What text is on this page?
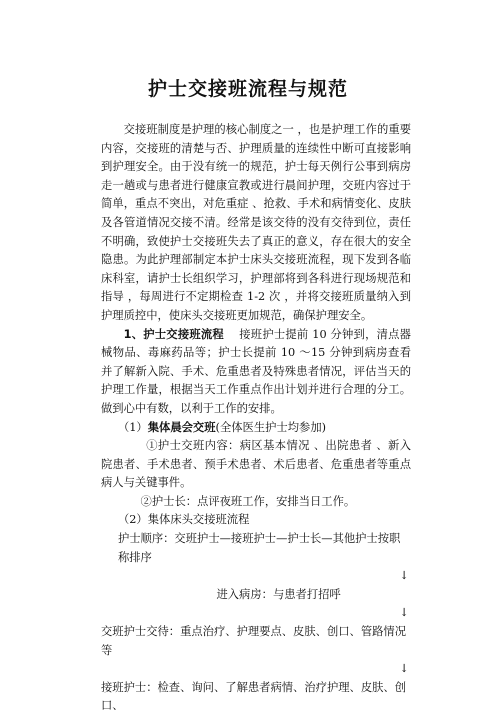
护士交接班流程与规范

交接班制度是护理的核心制度之一 ，也是护理工作的重要内容，交接班的清楚与否、护理质量的连续性中断可直接影响到护理安全。由于没有统一的规范，护士每天例行公事到病房走一趟或与患者进行健康宣教或进行晨间护理，交班内容过于简单，重点不突出，对危重症 、抢救、手术和病情变化、皮肤及各管道情况交接不清。经常是该交待的没有交待到位，责任不明确，致使护士交接班失去了真正的意义，存在很大的安全隐患。为此护理部制定本护士床头交接班流程，现下发到各临床科室，请护士长组织学习，护理部将到各科进行现场规范和指导 ，每周进行不定期检查 1-2 次 ，并将交接班质量纳入到护理质控中，使床头交接班更加规范，确保护理安全。

1、护士交接班流程 接班护士提前 10 分钟到，清点器械物品、毒麻药品等；护士长提前 10 ～15 分钟到病房查看并了解新入院、手术、危重患者及特殊患者情况，评估当天的护理工作量，根据当天工作重点作出计划并进行合理的分工。做到心中有数，以利于工作的安排。

（1）集体晨会交班(全体医生护士均参加)

①护士交班内容：病区基本情况 、出院患者 、新入院患者、手术患者、预手术患者、术后患者、危重患者等重点病人与关键事件。

②护士长：点评夜班工作，安排当日工作。

（2）集体床头交接班流程

护士顺序：交班护士—接班护士—护士长—其他护士按职称排序

↓

进入病房：与患者打招呼

↓

交班护士交待：重点治疗、护理要点、皮肤、创口、管路情况等

↓

接班护士：检查、询问、了解患者病情、治疗护理、皮肤、创口、
